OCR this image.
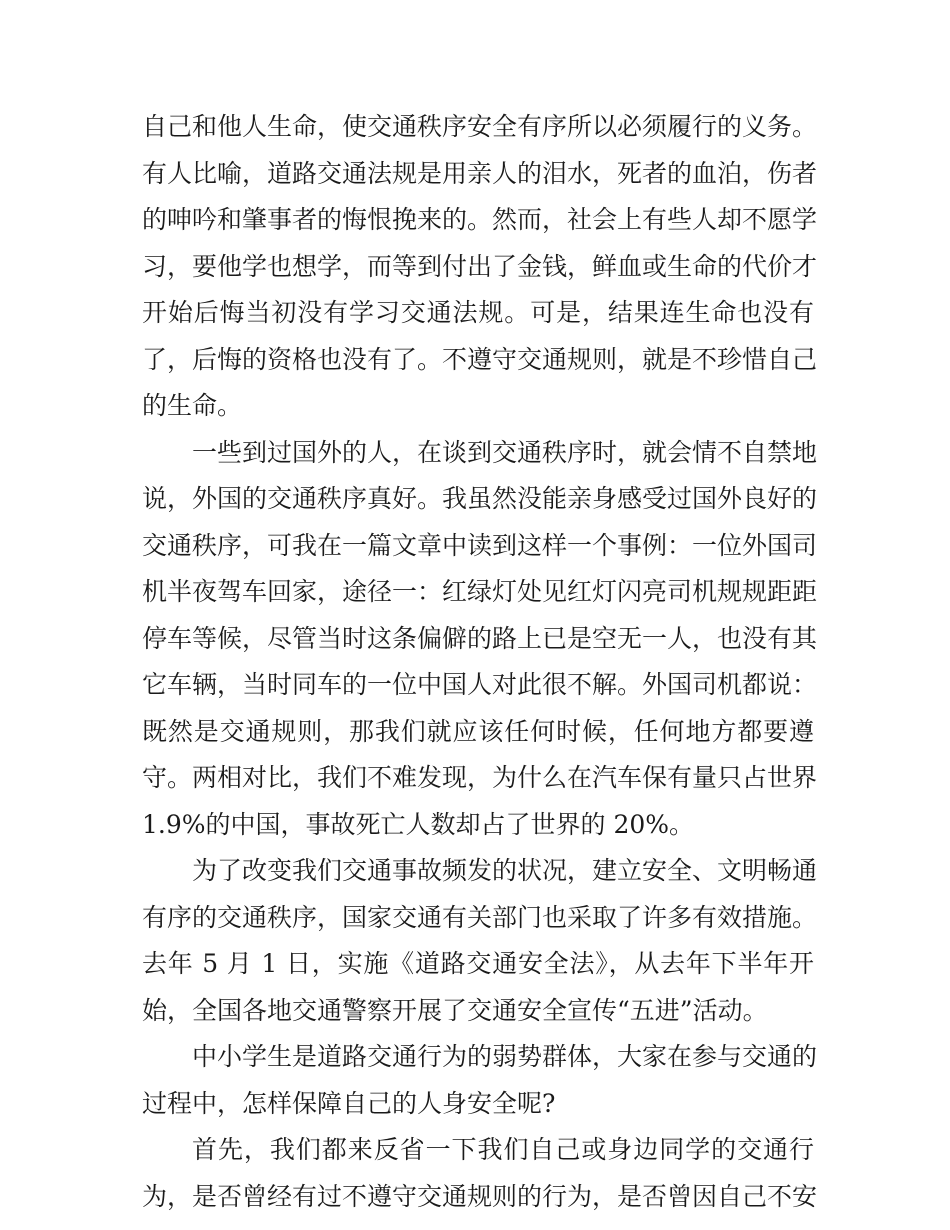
自己和他人生命，使交通秩序安全有序所以必须履行的义务。
有人比喻，道路交通法规是用亲人的泪水，死者的血泊，伤者
的呻吟和肇事者的悔恨挽来的。然而，社会上有些人却不愿学
习，要他学也想学，而等到付出了金钱，鲜血或生命的代价才
开始后悔当初没有学习交通法规。可是，结果连生命也没有
了，后悔的资格也没有了。不遵守交通规则，就是不珍惜自己
的生命。
一些到过国外的人，在谈到交通秩序时，就会情不自禁地
说，外国的交通秩序真好。我虽然没能亲身感受过国外良好的
交通秩序，可我在一篇文章中读到这样一个事例：一位外国司
机半夜驾车回家，途径一：红绿灯处见红灯闪亮司机规规距距
停车等候，尽管当时这条偏僻的路上已是空无一人，也没有其
它车辆，当时同车的一位中国人对此很不解。外国司机都说：
既然是交通规则，那我们就应该任何时候，任何地方都要遵
守。两相对比，我们不难发现，为什么在汽车保有量只占世界
1.9%的中国，事故死亡人数却占了世界的 20%。
为了改变我们交通事故频发的状况，建立安全、文明畅通
有序的交通秩序，国家交通有关部门也采取了许多有效措施。
去年 5 月 1 日，实施《道路交通安全法》，从去年下半年开
始，全国各地交通警察开展了交通安全宣传“五进”活动。
中小学生是道路交通行为的弱势群体，大家在参与交通的
过程中，怎样保障自己的人身安全呢?
首先，我们都来反省一下我们自己或身边同学的交通行
为，是否曾经有过不遵守交通规则的行为，是否曾因自己不安
